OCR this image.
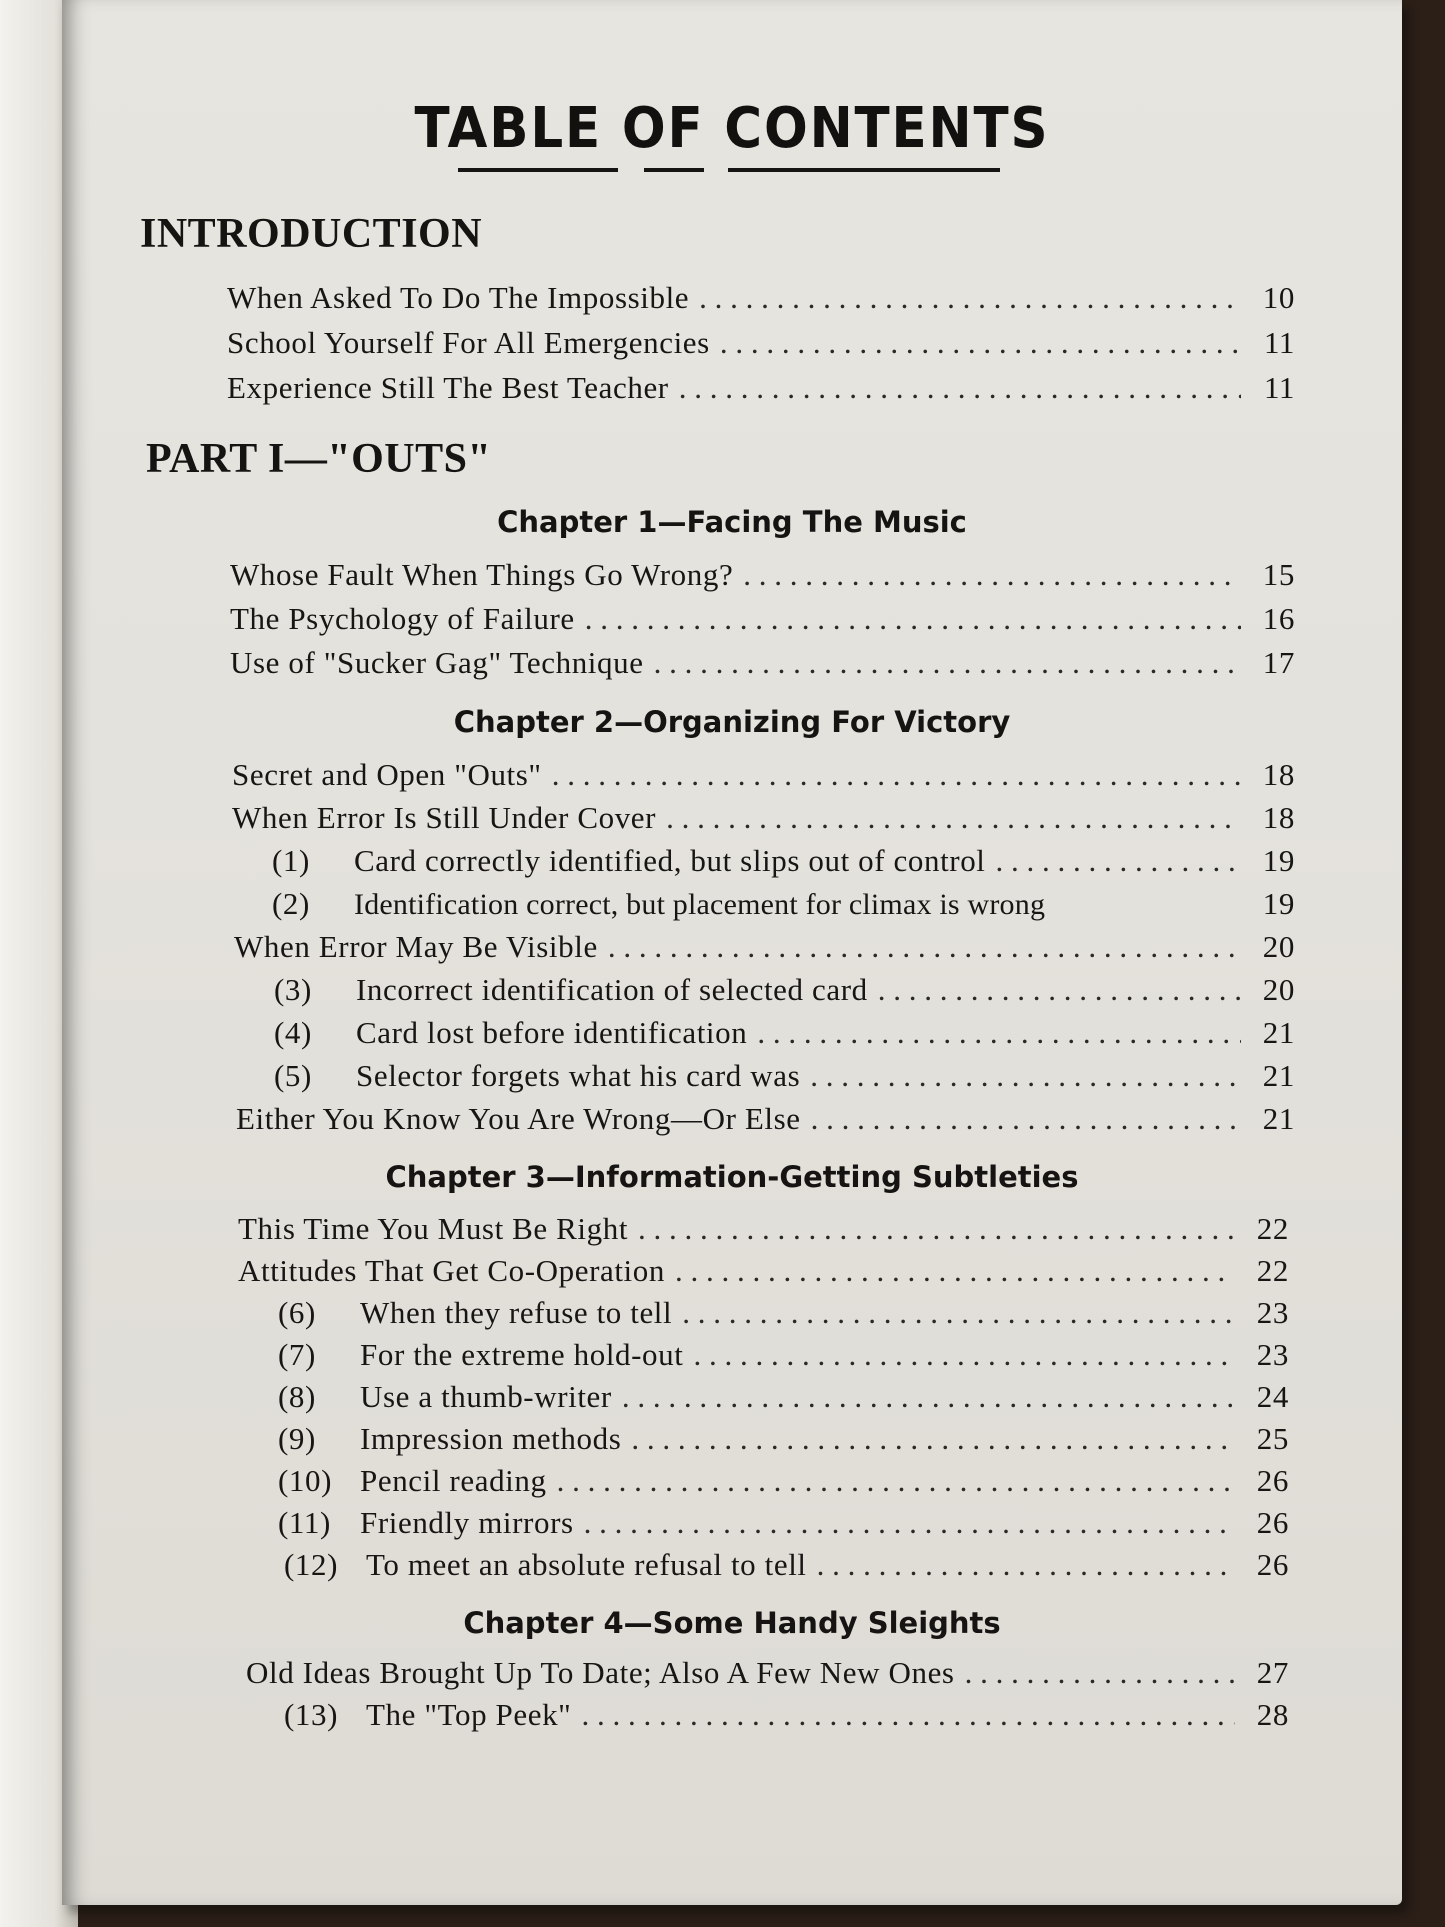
TABLE OF CONTENTS
INTRODUCTION
When Asked To Do The Impossible . . .	10
School Yourself For All Emergencies . . .	11
Experience Still The Best Teacher . . .	11
PART I—"OUTS"
Chapter 1—Facing The Music
Whose Fault When Things Go Wrong? . . .	15
The Psychology of Failure . . .	16
Use of "Sucker Gag" Technique . . .	17
Chapter 2—Organizing For Victory
Secret and Open "Outs" . . .	18
When Error Is Still Under Cover . . .	18
(1)	Card correctly identified, but slips out of control . . .	19
(2)	Identification correct, but placement for climax is wrong	19
When Error May Be Visible . . .	20
(3)	Incorrect identification of selected card . . .	20
(4)	Card lost before identification . . .	21
(5)	Selector forgets what his card was . . .	21
Either You Know You Are Wrong—Or Else . . .	21
Chapter 3—Information-Getting Subtleties
This Time You Must Be Right . . .	22
Attitudes That Get Co-Operation . . .	22
(6)	When they refuse to tell . . .	23
(7)	For the extreme hold-out . . .	23
(8)	Use a thumb-writer . . .	24
(9)	Impression methods . . .	25
(10) Pencil reading . . .	26
(11) Friendly mirrors . . .	26
(12) To meet an absolute refusal to tell . . .	26
Chapter 4—Some Handy Sleights
Old Ideas Brought Up To Date; Also A Few New Ones . . .	27
(13) The "Top Peek" . . .	28
